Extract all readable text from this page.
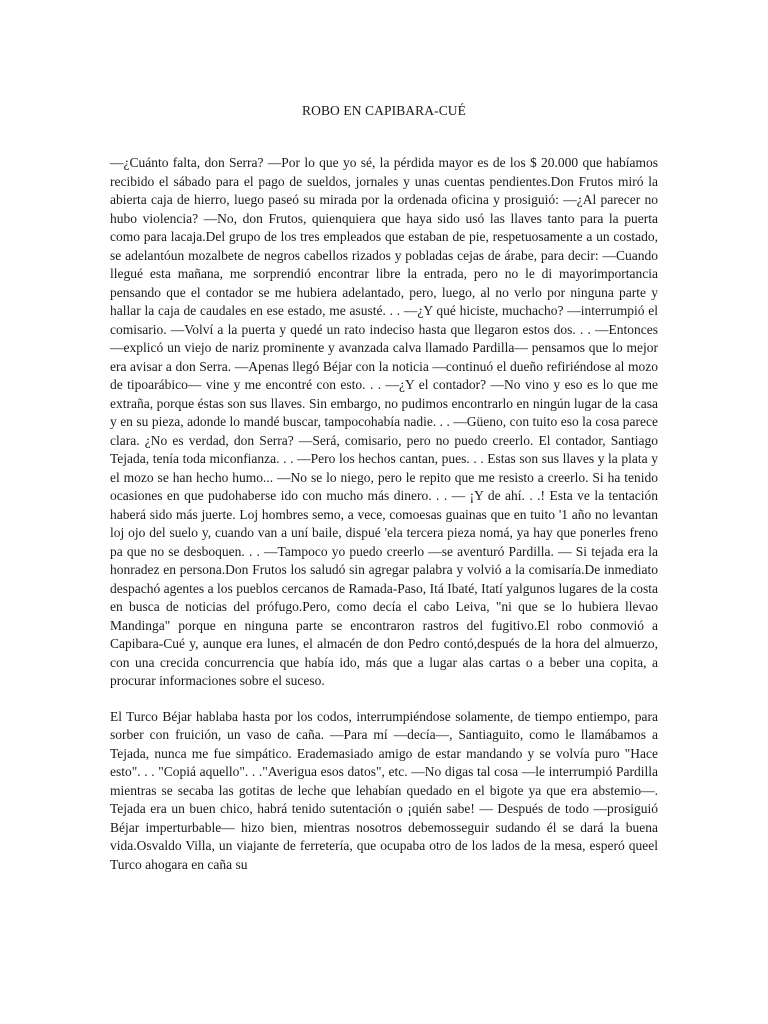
ROBO EN CAPIBARA-CUÉ

—¿Cuánto falta, don Serra? —Por lo que yo sé, la pérdida mayor es de los $ 20.000 que habíamos recibido el sábado para el pago de sueldos, jornales y unas cuentas pendientes.Don Frutos miró la abierta caja de hierro, luego paseó su mirada por la ordenada oficina y prosiguió: —¿Al parecer no hubo violencia? —No, don Frutos, quienquiera que haya sido usó las llaves tanto para la puerta como para lacaja.Del grupo de los tres empleados que estaban de pie, respetuosamente a un costado, se adelantóun mozalbete de negros cabellos rizados y pobladas cejas de árabe, para decir: —Cuando llegué esta mañana, me sorprendió encontrar libre la entrada, pero no le di mayorimportancia pensando que el contador se me hubiera adelantado, pero, luego, al no verlo por ninguna parte y hallar la caja de caudales en ese estado, me asusté. . . —¿Y qué hiciste, muchacho? —interrumpió el comisario. —Volví a la puerta y quedé un rato indeciso hasta que llegaron estos dos. . . —Entonces —explicó un viejo de nariz prominente y avanzada calva llamado Pardilla— pensamos que lo mejor era avisar a don Serra. —Apenas llegó Béjar con la noticia —continuó el dueño refiriéndose al mozo de tipoarábico— vine y me encontré con esto. . . —¿Y el contador? —No vino y eso es lo que me extraña, porque éstas son sus llaves. Sin embargo, no pudimos encontrarlo en ningún lugar de la casa y en su pieza, adonde lo mandé buscar, tampocohabía nadie. . . —Güeno, con tuito eso la cosa parece clara. ¿No es verdad, don Serra? —Será, comisario, pero no puedo creerlo. El contador, Santiago Tejada, tenía toda miconfianza. . . —Pero los hechos cantan, pues. . . Estas son sus llaves y la plata y el mozo se han hecho humo... —No se lo niego, pero le repito que me resisto a creerlo. Si ha tenido ocasiones en que pudohaberse ido con mucho más dinero. . . — ¡Y de ahí. . .! Esta ve la tentación haberá sido más juerte. Loj hombres semo, a vece, comoesas guainas que en tuito '1 año no levantan loj ojo del suelo y, cuando van a uní baile, dispué 'ela tercera pieza nomá, ya hay que ponerles freno pa que no se desboquen. . . —Tampoco yo puedo creerlo —se aventuró Pardilla. — Si tejada era la honradez en persona.Don Frutos los saludó sin agregar palabra y volvió a la comisaría.De inmediato despachó agentes a los pueblos cercanos de Ramada-Paso, Itá Ibaté, Itatí yalgunos lugares de la costa en busca de noticias del prófugo.Pero, como decía el cabo Leiva, "ni que se lo hubiera llevao Mandinga" porque en ninguna parte se encontraron rastros del fugitivo.El robo conmovió a Capibara-Cué y, aunque era lunes, el almacén de don Pedro contó,después de la hora del almuerzo, con una crecida concurrencia que había ido, más que a lugar alas cartas o a beber una copita, a procurar informaciones sobre el suceso.

El Turco Béjar hablaba hasta por los codos, interrumpiéndose solamente, de tiempo entiempo, para sorber con fruición, un vaso de caña. —Para mí —decía—, Santiaguito, como le llamábamos a Tejada, nunca me fue simpático. Erademasiado amigo de estar mandando y se volvía puro "Hace esto". . . "Copiá aquello". . ."Averigua esos datos", etc. —No digas tal cosa —le interrumpió Pardilla mientras se secaba las gotitas de leche que lehabían quedado en el bigote ya que era abstemio—. Tejada era un buen chico, habrá tenido sutentación o ¡quién sabe! — Después de todo —prosiguió Béjar imperturbable— hizo bien, mientras nosotros debemosseguir sudando él se dará la buena vida.Osvaldo Villa, un viajante de ferretería, que ocupaba otro de los lados de la mesa, esperó queel Turco ahogara en caña su
